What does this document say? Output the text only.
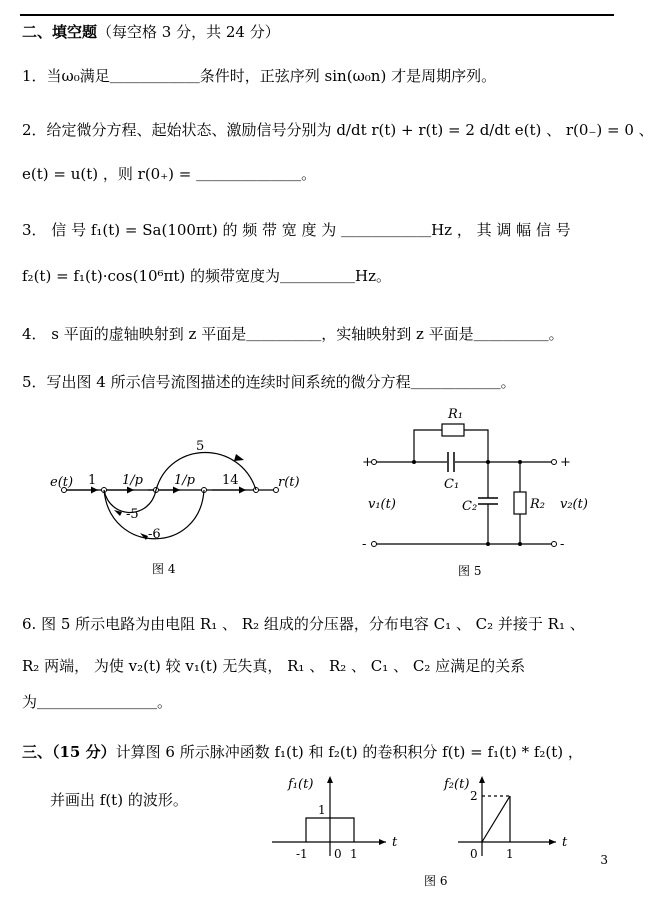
二、填空题（每空格 3 分，共 24 分）
1．当ω₀满足＿＿＿＿＿＿条件时，正弦序列 sin(ω₀n) 才是周期序列。
2．给定微分方程、起始状态、激励信号分别为 d/dt r(t) + r(t) = 2 d/dt e(t) 、 r(0₋) = 0 、
e(t) = u(t) ，则 r(0₊) = ＿＿＿＿＿＿＿。
3． 信 号 f₁(t) = Sa(100πt) 的 频 带 宽 度 为 ＿＿＿＿＿＿Hz ， 其 调 幅 信 号
f₂(t) = f₁(t)·cos(10⁶πt) 的频带宽度为＿＿＿＿＿Hz。
4． s 平面的虚轴映射到 z 平面是＿＿＿＿＿，实轴映射到 z 平面是＿＿＿＿＿。
5．写出图 4 所示信号流图描述的连续时间系统的微分方程＿＿＿＿＿＿。
e(t)	r(t)
1 1/p 1/p 14
5
-5
-6
图 4
R₁
C₁
C₂	R₂
v₁(t)	v₂(t)
+	+
-	-
图 5
6. 图 5 所示电路为由电阻 R₁ 、 R₂ 组成的分压器，分布电容 C₁ 、 C₂ 并接于 R₁ 、
R₂ 两端， 为使 v₂(t) 较 v₁(t) 无失真， R₁ 、 R₂ 、 C₁ 、 C₂ 应满足的关系
为＿＿＿＿＿＿＿＿。
三、（15 分）计算图 6 所示脉冲函数 f₁(t) 和 f₂(t) 的卷积积分 f(t) = f₁(t) * f₂(t) ，
并画出 f(t) 的波形。
f₁(t)
t
1
-1 0 1
f₂(t)
t
2
0 1
图 6
3
